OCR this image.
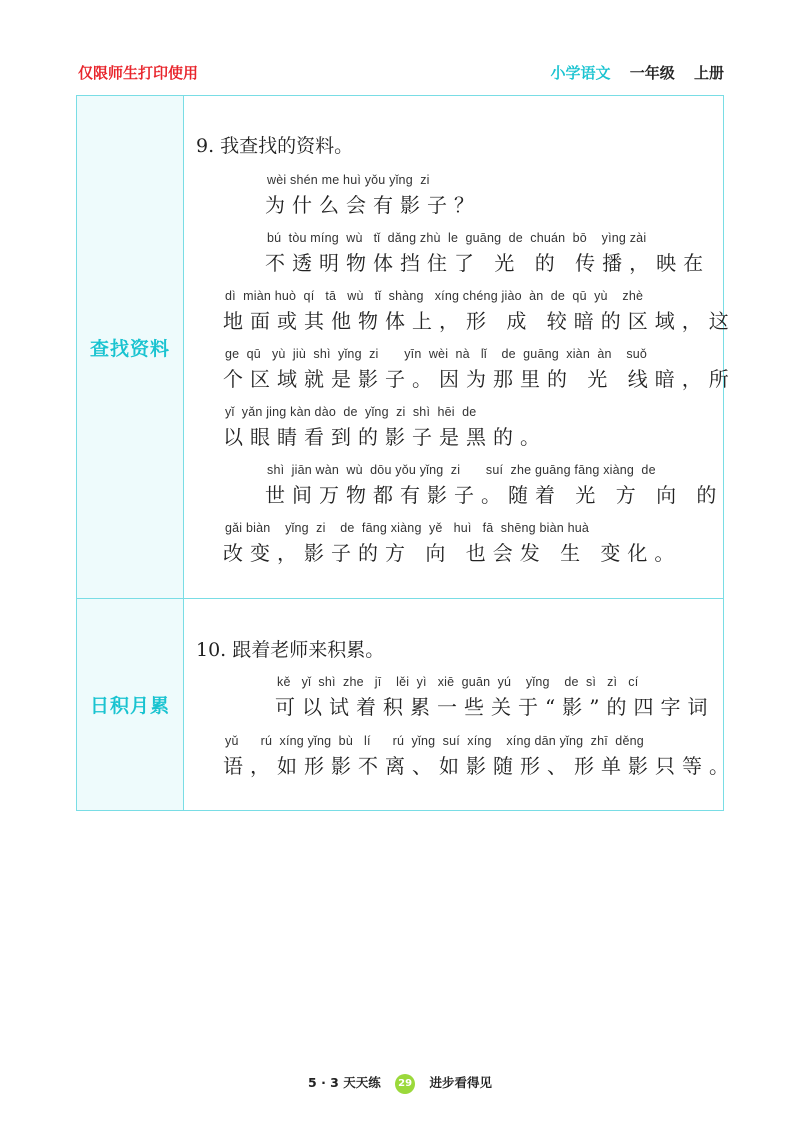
仅限师生打印使用	小学语文 一年级 上册
查找资料
9. 我查找的资料。
wèi shén me huì yǒu yǐng  zi
为什么会有影子？
bú  tòu míng  wù   tǐ  dǎng zhù  le  guāng  de  chuán  bō    yìng zài
不透明物体挡住了 光 的 传播，映在
dì  miàn huò  qí   tā   wù   tǐ  shàng   xíng chéng jiào  àn  de  qū  yù    zhè
地面或其他物体上，形 成 较暗的区域，这
ge  qū   yù  jiù  shì  yǐng  zi       yīn  wèi  nà   lǐ    de  guāng  xiàn  àn    suǒ
个区域就是影子。因为那里的 光 线暗，所
yǐ  yǎn jing kàn dào  de  yǐng  zi  shì  hēi  de
以眼睛看到的影子是黑的。
shì  jiān wàn  wù  dōu yǒu yǐng  zi       suí  zhe guāng fāng xiàng  de
世间万物都有影子。随着 光 方 向 的
gǎi biàn    yǐng  zi    de  fāng xiàng  yě   huì   fā  shēng biàn huà
改变，影子的方 向 也会发 生 变化。
日积月累
10. 跟着老师来积累。
kě   yǐ  shì  zhe   jī    lěi  yì   xiē  guān  yú    yǐng    de  sì   zì   cí
可以试着积累一些关于“影”的四字词
yǔ      rú  xíng yǐng  bù   lí      rú  yǐng  suí  xíng    xíng dān yǐng  zhī  děng
语，如形影不离、如影随形、形单影只等。
5 · 3 天天练 29 进步看得见
